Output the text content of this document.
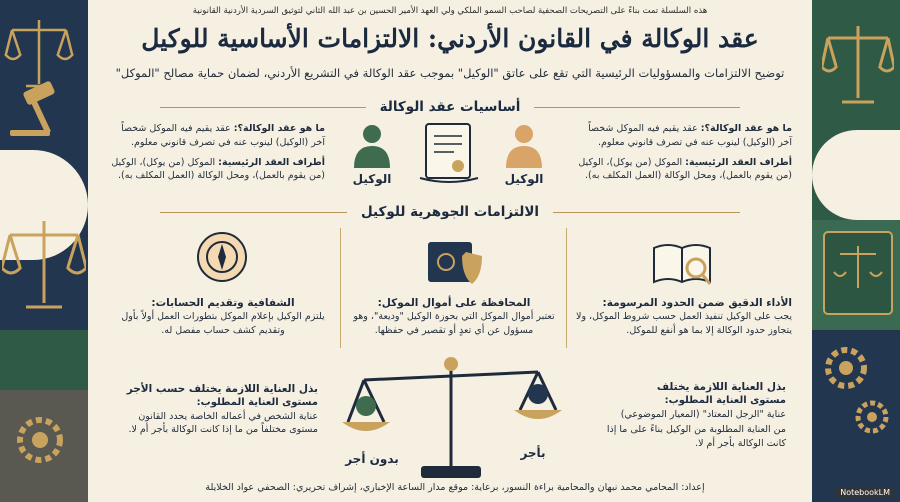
هذه السلسلة تمت بناءً على التصريحات الصحفية لصاحب السمو الملكي ولي العهد الأمير الحسين بن عبد الله الثاني لتوثيق السردية الأردنية القانونية
عقد الوكالة في القانون الأردني: الالتزامات الأساسية للوكيل
توضيح الالتزامات والمسؤوليات الرئيسية التي تقع على عاتق "الوكيل" بموجب عقد الوكالة في التشريع الأردني، لضمان حماية مصالح "الموكل"
أساسيات عقد الوكالة
ما هو عقد الوكالة؟: عقد يقيم فيه الموكل شخصاً آخر (الوكيل) لينوب عنه في تصرف قانوني معلوم.
أطراف العقد الرئيسية: الموكل (من يوكل)، الوكيل (من يقوم بالعمل)، ومحل الوكالة (العمل المكلف به).
ما هو عقد الوكالة؟: عقد يقيم فيه الموكل شخصاً آخر (الوكيل) لينوب عنه في تصرف قانوني معلوم.
أطراف العقد الرئيسية: الموكل (من يوكل)، الوكيل (من يقوم بالعمل)، ومحل الوكالة (العمل المكلف به). الوكيل	الوكيل
الالتزامات الجوهرية للوكيل
الأداء الدقيق ضمن الحدود المرسومة:
يجب على الوكيل تنفيذ العمل حسب شروط الموكل، ولا يتجاوز حدود الوكالة إلا بما هو أنفع للموكل.
المحافظة على أموال الموكل:
تعتبر أموال الموكل التي بحوزة الوكيل "وديعة"، وهو مسؤول عن أي تعدٍ أو تقصير في حفظها.
الشفافية وتقديم الحسابات:
يلتزم الوكيل بإعلام الموكل بتطورات العمل أولاً بأول وتقديم كشف حساب مفصل له.
بذل العناية اللازمة يختلف
مستوى العناية المطلوب:
عناية "الرجل المعتاد" (المعيار الموضوعي)
من العناية المطلوبة من الوكيل بناءً على ما إذا كانت الوكالة بأجر أم لا.
بذل العناية اللازمة يختلف حسب الأجر
مستوى العناية المطلوب:
عناية الشخص في أعماله الخاصة يحدد القانون مستوى مختلفاً من ما إذا كانت الوكالة بأجر أم لا.
بدون أجر	بأجر
إعداد: المحامي محمد نبهان والمحامية براءة النسور، برعاية: موقع مدار الساعة الإخباري، إشراف تحريري: الصحفي عواد الخلايلة	NotebookLM
